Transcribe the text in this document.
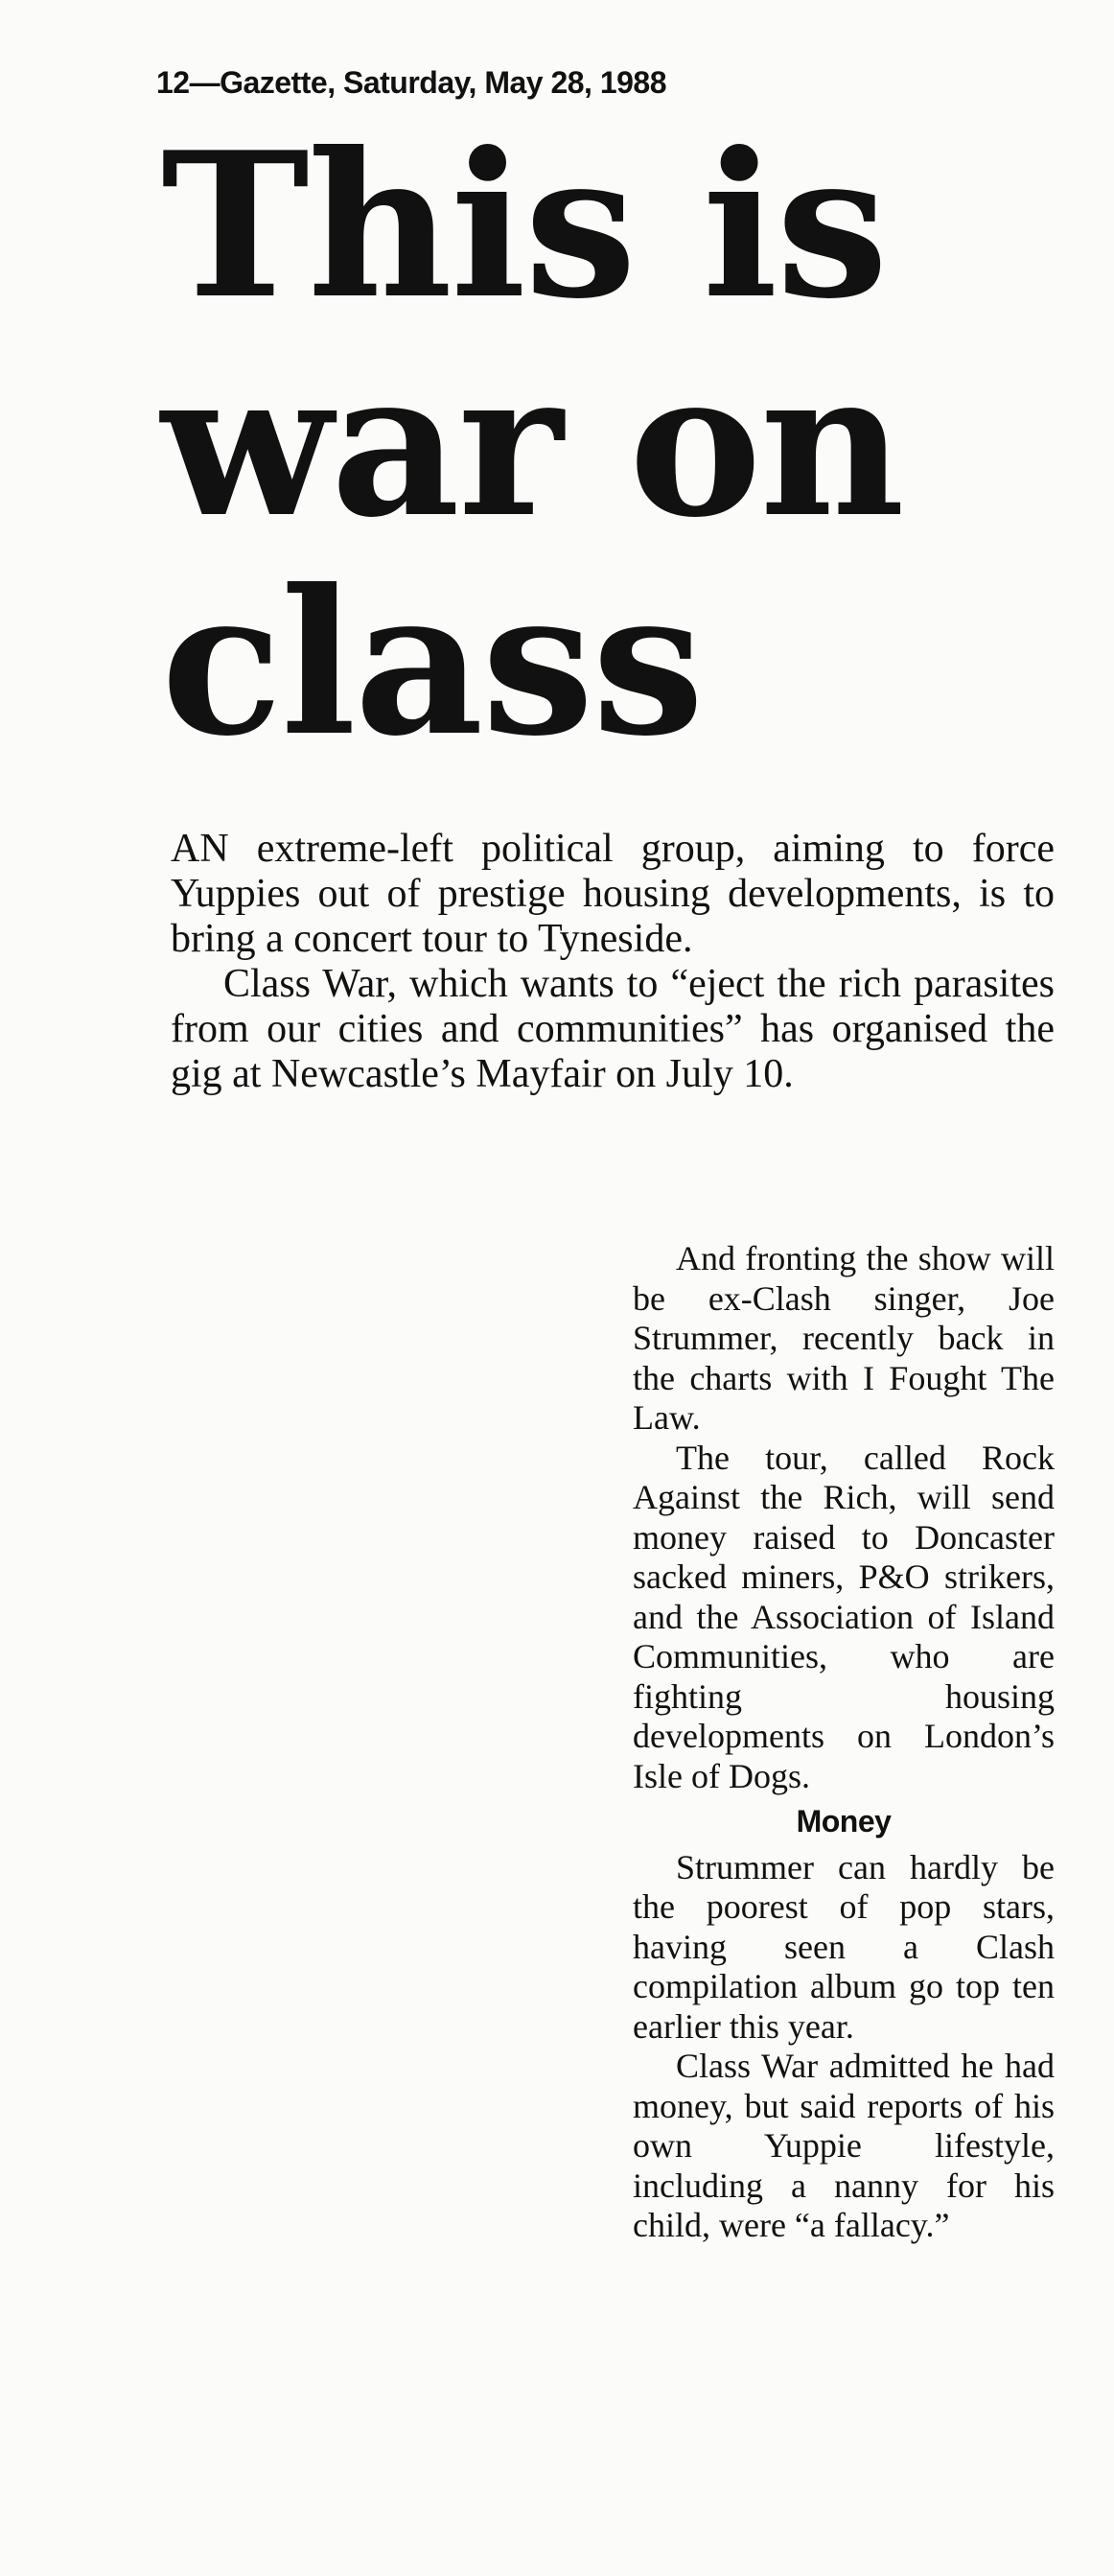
12—Gazette, Saturday, May 28, 1988
This is
war on
class

AN extreme-left political group, aiming to force Yuppies out of prestige housing developments, is to bring a concert tour to Tyneside.

Class War, which wants to “eject the rich parasites from our cities and communities” has organised the gig at Newcastle’s Mayfair on July 10.

And fronting the show will be ex-Clash singer, Joe Strummer, recently back in the charts with I Fought The Law.

The tour, called Rock Against the Rich, will send money raised to Doncaster sacked miners, P&O strikers, and the Association of Island Communities, who are fighting housing developments on London’s Isle of Dogs.

Money

Strummer can hardly be the poorest of pop stars, having seen a Clash compilation album go top ten earlier this year.

Class War admitted he had money, but said reports of his own Yuppie lifestyle, including a nanny for his child, were “a fallacy.”
